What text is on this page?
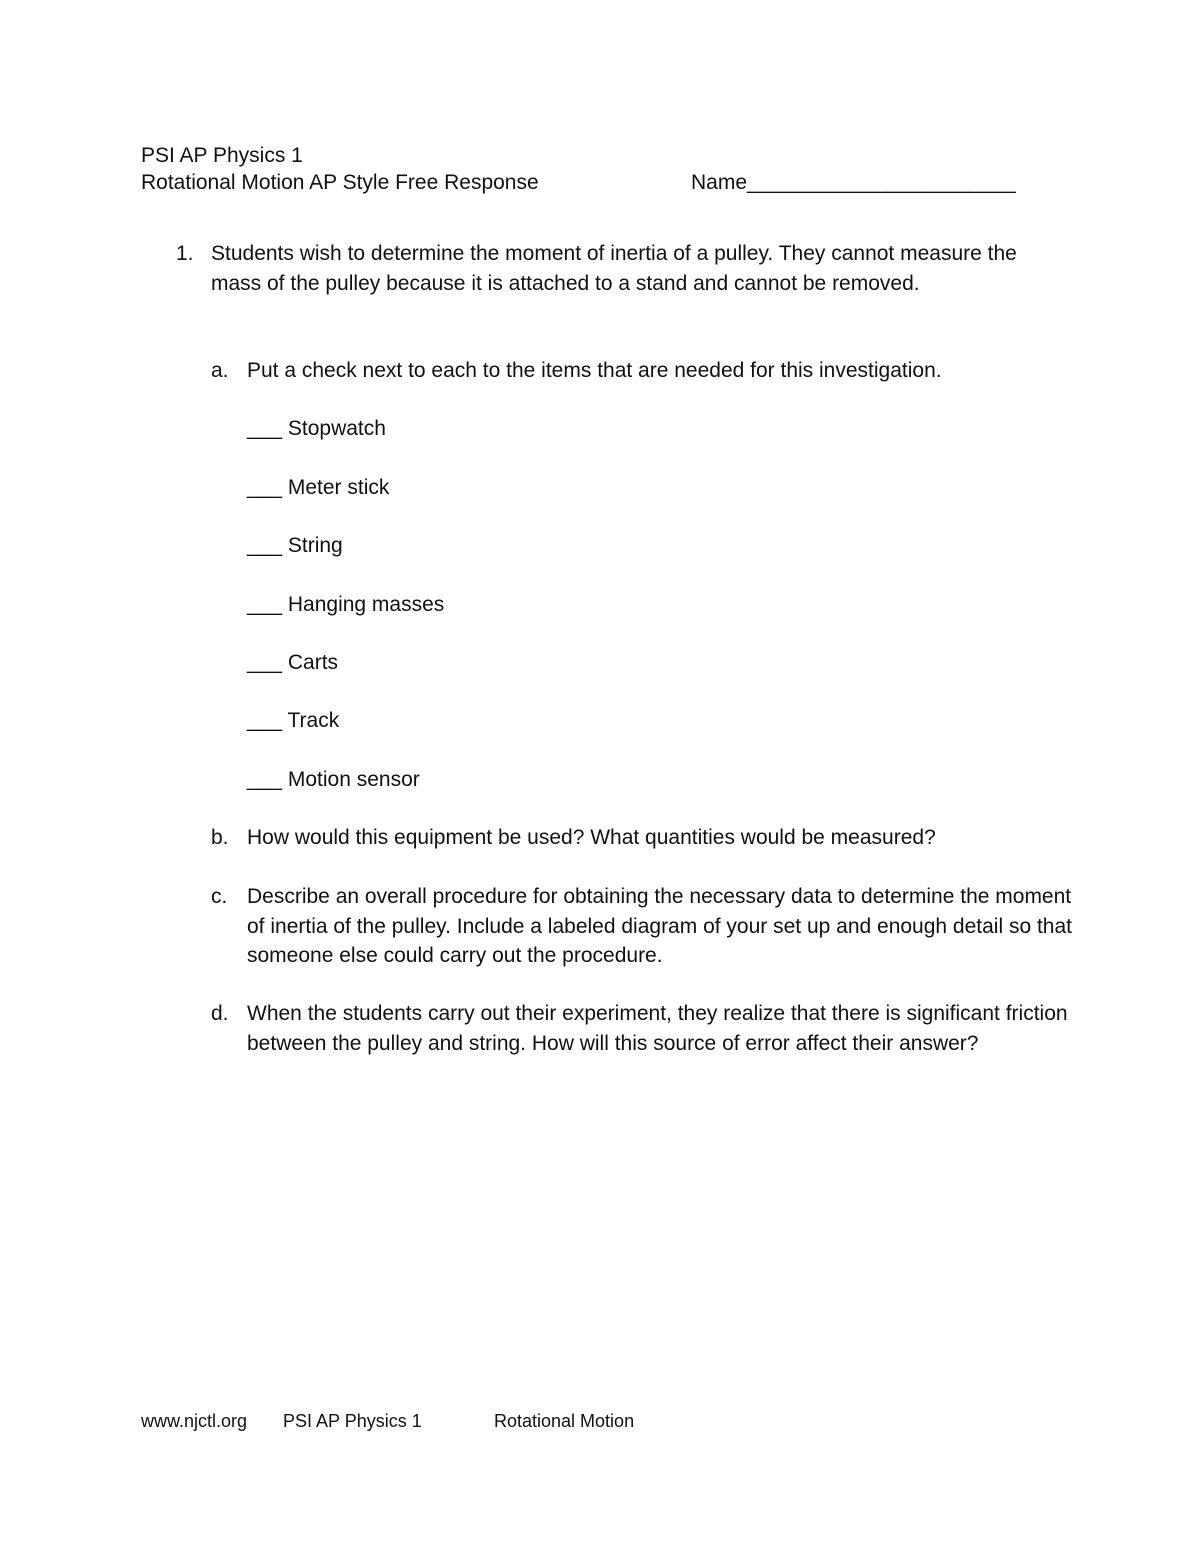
PSI AP Physics 1
Rotational Motion AP Style Free Response	Name_______________________
1. Students wish to determine the moment of inertia of a pulley. They cannot measure the mass of the pulley because it is attached to a stand and cannot be removed.
a. Put a check next to each to the items that are needed for this investigation.
___ Stopwatch
___ Meter stick
___ String
___ Hanging masses
___ Carts
___ Track
___ Motion sensor
b. How would this equipment be used? What quantities would be measured?
c. Describe an overall procedure for obtaining the necessary data to determine the moment of inertia of the pulley. Include a labeled diagram of your set up and enough detail so that someone else could carry out the procedure.
d. When the students carry out their experiment, they realize that there is significant friction between the pulley and string. How will this source of error affect their answer?
www.njctl.org PSI AP Physics 1	Rotational Motion
